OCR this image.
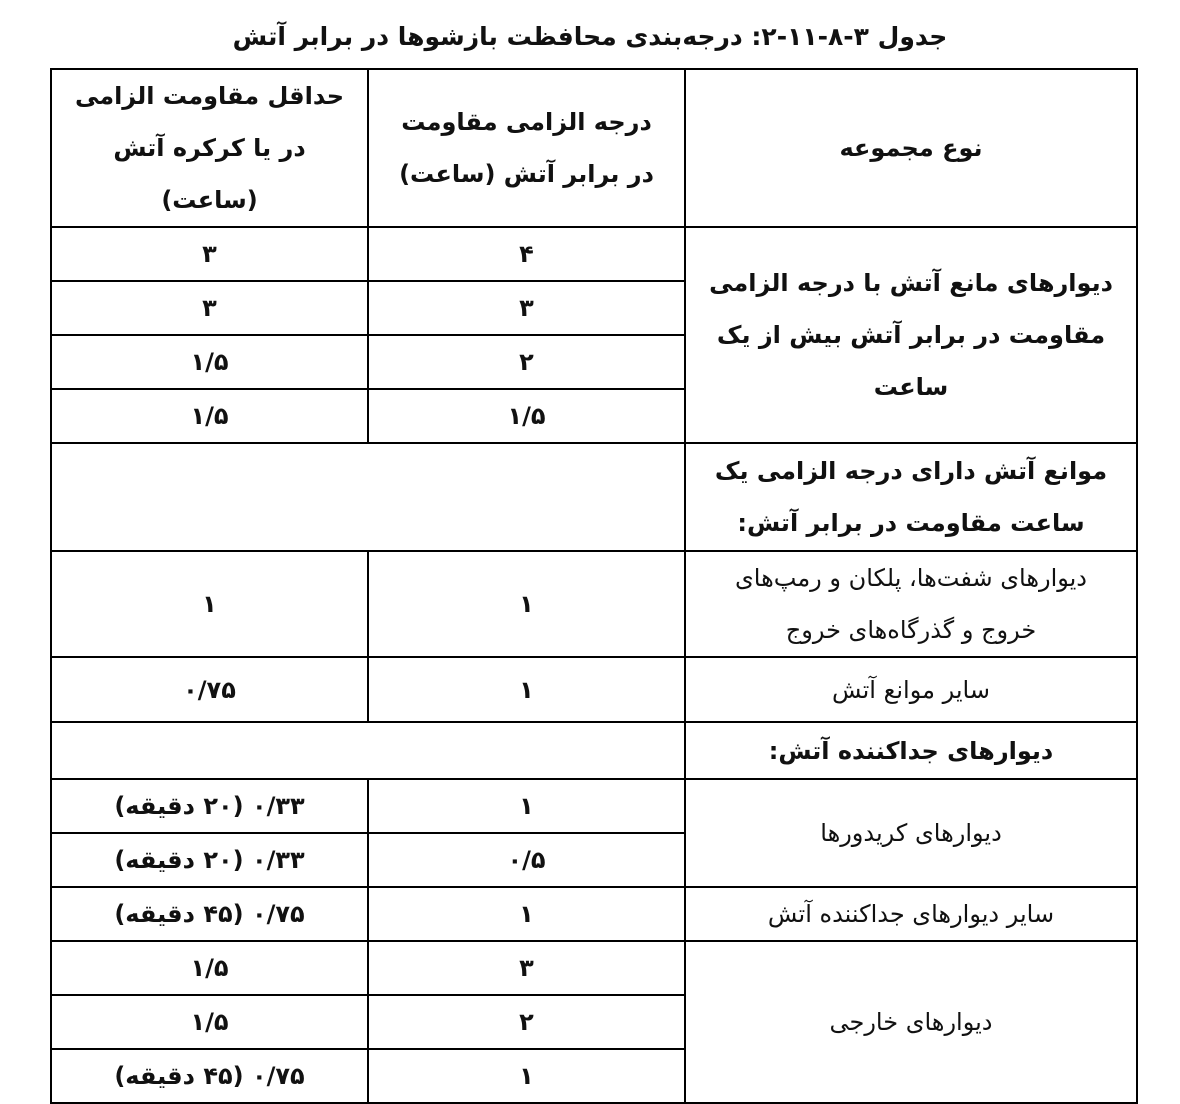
جدول ۳-۸-۱۱-۲: درجه‌بندی محافظت بازشوها در برابر آتش
نوع مجموعه	درجه الزامی مقاومت در برابر آتش (ساعت)	حداقل مقاومت الزامی در یا کرکره آتش (ساعت)
دیوارهای مانع آتش با درجه الزامی مقاومت در برابر آتش بیش از یک ساعت	۴	۳
	۳	۳
	۲	۱/۵
	۱/۵	۱/۵
موانع آتش دارای درجه الزامی یک ساعت مقاومت در برابر آتش:		
دیوارهای شفت‌ها، پلکان و رمپ‌های خروج و گذرگاه‌های خروج	۱	۱
سایر موانع آتش	۱	۰/۷۵
دیوارهای جداکننده آتش:		
دیوارهای کریدورها	۱	۰/۳۳ (۲۰ دقیقه)
	۰/۵	۰/۳۳ (۲۰ دقیقه)
سایر دیوارهای جداکننده آتش	۱	۰/۷۵ (۴۵ دقیقه)
دیوارهای خارجی	۳	۱/۵
	۲	۱/۵
	۱	۰/۷۵ (۴۵ دقیقه)
